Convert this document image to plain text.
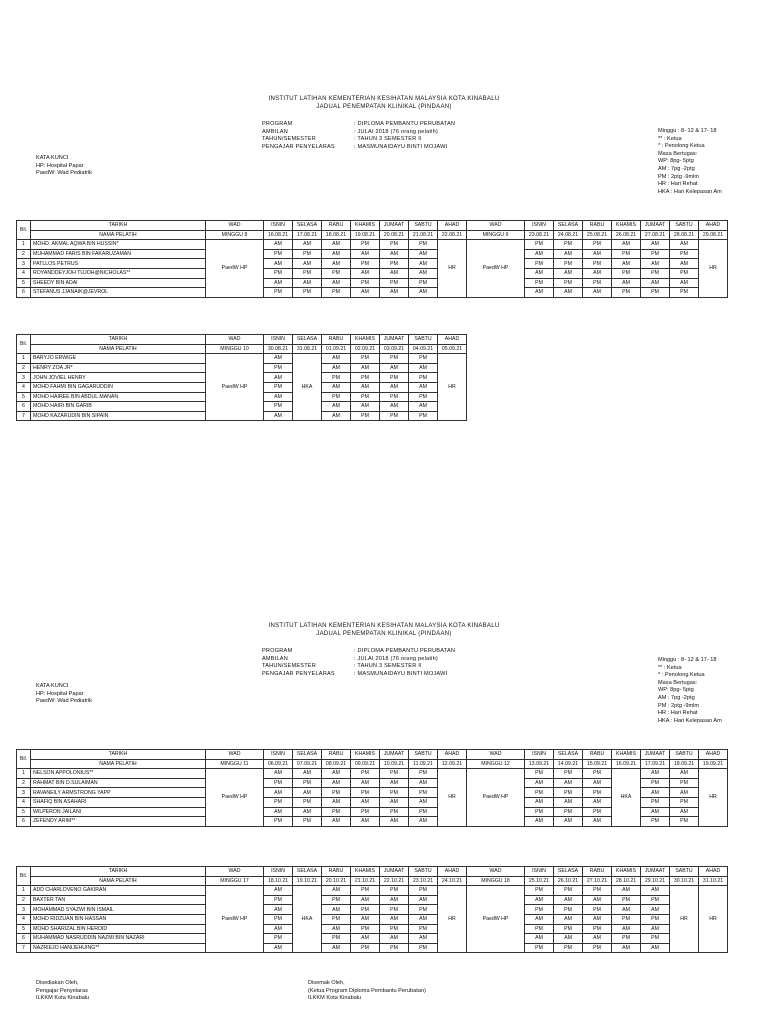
INSTITUT LATIHAN KEMENTERIAN KESIHATAN MALAYSIA KOTA KINABALU
JADUAL PENEMPATAN KLINIKAL (PINDAAN)
PROGRAM	: DIPLOMA PEMBANTU PERUBATAN
AMBILAN	: JULAI 2018 (76 orang pelatih)
TAHUN/SEMESTER	: TAHUN 3 SEMESTER II
PENGAJAR PENYELARAS	: MASMUNAIDAYU BINTI MOJAWI
Minggu : 8- 12 & 17- 18
** : Ketua
* : Penolong Ketua
Masa Bertugas:
WP: 8pg- 5ptg
AM : 7pg -2ptg
PM : 2ptg -9mlm
HR : Hari Rehat
HKA : Hari Kelepasan Am
KATA KUNCI
HP: Hospital Papar
PaedW: Wad Pediatrik
Bil.	TARIKH	WAD	ISNIN	SELASA	RABU	KHAMIS	JUMAAT	SABTU	AHAD	WAD	ISNIN	SELASA	RABU	KHAMIS	JUMAAT	SABTU	AHAD
	NAMA PELATIH	MINGGU 8	16.08.21	17.08.21	18.08.21	19.08.21	20.08.21	21.08.21	22.08.21	MINGGU 9	23.08.21	24.08.21	25.08.21	26.08.21	27.08.21	28.08.21	29.08.21
1	MOHD. AKMAL AQWA BIN HUSSIN*	PaedW HP	AM	AM	AM	PM	PM	PM	HR	PaedW HP	PM	PM	PM	AM	AM	AM	HR
2	MUHAMMAD FARIS BIN FAKARUZAMAN		PM	PM	AM	AM	AM	AM			AM	AM	AM	PM	PM	PM	
3	PATLLOS PETRUS		AM	AM	AM	PM	PM	AM			PM	PM	PM	AM	AM	AM	
4	ROYANDDEYJOH TUJOH@NICHOLAS**		PM	PM	PM	AM	AM	AM			AM	AM	AM	PM	PM	PM	
5	SHEEDY BIN ADAI		AM	AM	AM	PM	PM	PM			PM	PM	PM	AM	AM	AM	
6	STEFANUS JJANAIK@JEVROL		PM	PM	PM	AM	AM	AM			AM	AM	AM	PM	PM	PM	
Bil.	TARIKH	WAD	ISNIN	SELASA	RABU	KHAMIS	JUMAAT	SABTU	AHAD
	NAMA PELATIH	MINGGU 10	30.08.21	31.08.21	01.09.21	02.09.21	03.09.21	04.09.21	05.09.21
1	BARYJO ERWIGE	PaedW HP	AM	HKA	AM	PM	PM	PM	HR
2	HENRY ZOA JR*		PM		AM	AM	AM	AM	
3	JOHN JOVIEL HENRY		AM		PM	PM	PM	PM	
4	MOHD FAHMI BIN GAGARUDDIN		PM		AM	AM	AM	AM	
5	MOHD HAIREE BIN ABDUL MANAN		AM		PM	PM	PM	PM	
6	MOHD HAIRI BIN GARIB		PM		AM	AM	AM	AM	
7	MOHD KAZARUDIN BIN SIPAIN		AM		AM	PM	PM	PM	
INSTITUT LATIHAN KEMENTERIAN KESIHATAN MALAYSIA KOTA KINABALU
JADUAL PENEMPATAN KLINIKAL (PINDAAN)
PROGRAM	: DIPLOMA PEMBANTU PERUBATAN
AMBILAN	: JULAI 2018 (76 orang pelatih)
TAHUN/SEMESTER	: TAHUN 3 SEMESTER II
PENGAJAR PENYELARAS	: MASMUNAIDAYU BINTI MOJAWI
Minggu : 8- 12 & 17- 18
** : Ketua
* : Penolong Ketua
Masa Bertugas:
WP: 8pg- 5ptg
AM : 7pg -2ptg
PM : 2ptg -9mlm
HR : Hari Rehat
HKA : Hari Kelepasan Am
KATA KUNCI
HP: Hospital Papar
PaedW: Wad Pediatrik
Bil.	TARIKH	WAD	ISNIN	SELASA	RABU	KHAMIS	JUMAAT	SABTU	AHAD	WAD	ISNIN	SELASA	RABU	KHAMIS	JUMAAT	SABTU	AHAD
	NAMA PELATIH	MINGGU 11	06.09.21	07.09.21	08.09.21	09.09.21	10.09.21	11.09.21	12.09.21	MINGGU 12	13.09.21	14.09.21	15.09.21	16.09.21	17.09.21	18.09.21	19.09.21
1	NELSON APPOLONIUS**	PaedW HP	AM	AM	AM	PM	PM	PM	HR	PaedW HP	PM	PM	PM	HKA	AM	AM	HR
2	RAHMAT BIN D.SULAIMAN		PM	PM	AM	AM	AM	AM			AM	AM	AM		PM	PM	
3	RAVANEILY ARMSTRONG YAPP		AM	AM	PM	PM	PM	PM			PM	PM	PM		AM	AM	
4	SHAFIQ BIN ASAHARI		PM	PM	AM	AM	AM	AM			AM	AM	AM		PM	PM	
5	WILPERON JAILANI		AM	AM	PM	PM	PM	PM			PM	PM	PM		AM	AM	
6	ZEFENDY ARIM**		PM	PM	AM	AM	AM	AM			AM	AM	AM		PM	PM	
Bil.	TARIKH	WAD	ISNIN	SELASA	RABU	KHAMIS	JUMAAT	SABTU	AHAD	WAD	ISNIN	SELASA	RABU	KHAMIS	JUMAAT	SABTU	AHAD
	NAMA PELATIH	MINGGU 17	18.10.21	19.10.21	20.10.21	21.10.21	22.10.21	23.10.21	24.10.21	MINGGU 18	25.10.21	26.10.21	27.10.21	28.10.21	29.10.21	30.10.21	31.10.21
1	ADD CHARLDVENO GAKIRAN	PaedW HP	AM	HKA	AM	PM	PM	PM	HR	PaedW HP	PM	PM	PM	AM	AM	HR	HR
2	BAXTER TAN		PM		PM	AM	AM	AM			AM	AM	AM	PM	PM		
3	MOHAMMAD SYAZWI BIN ISMAIL		AM		AM	PM	PM	PM			PM	PM	PM	AM	AM		
4	MOHD RIDZUAN BIN HASSAN		PM		PM	AM	AM	AM			AM	AM	AM	PM	PM		
5	MOHD SHARIZAL BIN HEROID		AM		AM	PM	PM	PM			PM	PM	PM	AM	AM		
6	MUHAMMAD NASRUDDIN NAZMI BIN NAZARI		PM		PM	AM	AM	AM			AM	AM	AM	PM	PM		
7	NAZRIEJO HANIJEHUING**		AM		AM	PM	PM	PM			PM	PM	PM	AM	AM		
Disediakan Oleh,
Pengajar Penyelaras
ILKKM Kota Kinabalu
Disemak Oleh,
(Ketua Program Diploma Pembantu Perubatan)
ILKKM Kota Kinabalu
